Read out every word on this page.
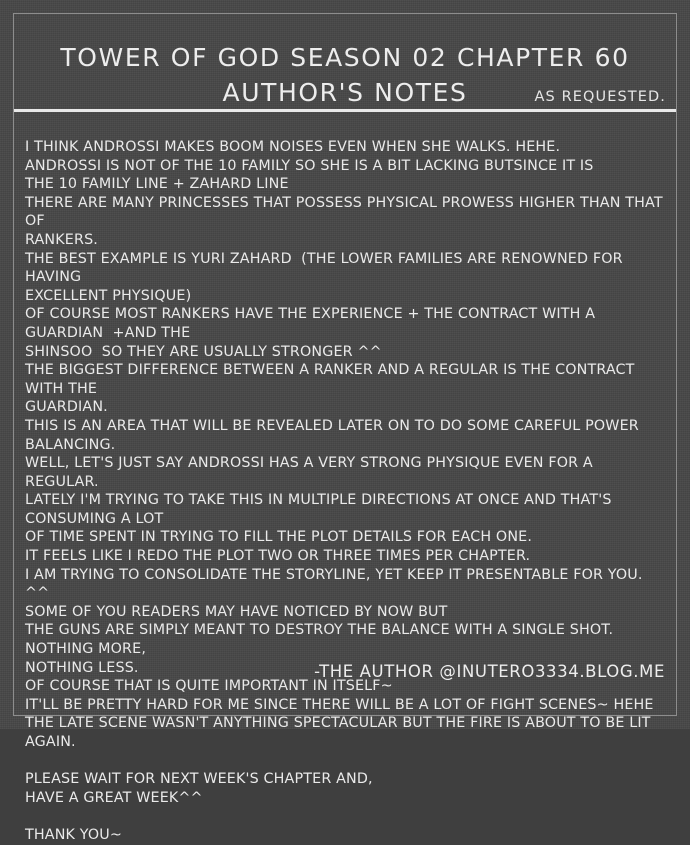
TOWER OF GOD SEASON 02 CHAPTER 60
AUTHOR'S NOTES	AS REQUESTED.
I THINK ANDROSSI MAKES BOOM NOISES EVEN WHEN SHE WALKS. HEHE.
ANDROSSI IS NOT OF THE 10 FAMILY SO SHE IS A BIT LACKING BUTSINCE IT IS
THE 10 FAMILY LINE + ZAHARD LINE
THERE ARE MANY PRINCESSES THAT POSSESS PHYSICAL PROWESS HIGHER THAN THAT OF
RANKERS.
THE BEST EXAMPLE IS YURI ZAHARD  (THE LOWER FAMILIES ARE RENOWNED FOR HAVING
EXCELLENT PHYSIQUE)
OF COURSE MOST RANKERS HAVE THE EXPERIENCE + THE CONTRACT WITH A GUARDIAN  +AND THE
SHINSOO  SO THEY ARE USUALLY STRONGER ^^
THE BIGGEST DIFFERENCE BETWEEN A RANKER AND A REGULAR IS THE CONTRACT WITH THE
GUARDIAN.
THIS IS AN AREA THAT WILL BE REVEALED LATER ON TO DO SOME CAREFUL POWER BALANCING.
WELL, LET'S JUST SAY ANDROSSI HAS A VERY STRONG PHYSIQUE EVEN FOR A REGULAR.
LATELY I'M TRYING TO TAKE THIS IN MULTIPLE DIRECTIONS AT ONCE AND THAT'S CONSUMING A LOT
OF TIME SPENT IN TRYING TO FILL THE PLOT DETAILS FOR EACH ONE.
IT FEELS LIKE I REDO THE PLOT TWO OR THREE TIMES PER CHAPTER.
I AM TRYING TO CONSOLIDATE THE STORYLINE, YET KEEP IT PRESENTABLE FOR YOU. ^^
SOME OF YOU READERS MAY HAVE NOTICED BY NOW BUT
THE GUNS ARE SIMPLY MEANT TO DESTROY THE BALANCE WITH A SINGLE SHOT. NOTHING MORE,
NOTHING LESS.
OF COURSE THAT IS QUITE IMPORTANT IN ITSELF~
IT'LL BE PRETTY HARD FOR ME SINCE THERE WILL BE A LOT OF FIGHT SCENES~ HEHE
THE LATE SCENE WASN'T ANYTHING SPECTACULAR BUT THE FIRE IS ABOUT TO BE LIT AGAIN.
PLEASE WAIT FOR NEXT WEEK'S CHAPTER AND,
HAVE A GREAT WEEK^^
THANK YOU~
-THE AUTHOR @INUTERO3334.BLOG.ME
